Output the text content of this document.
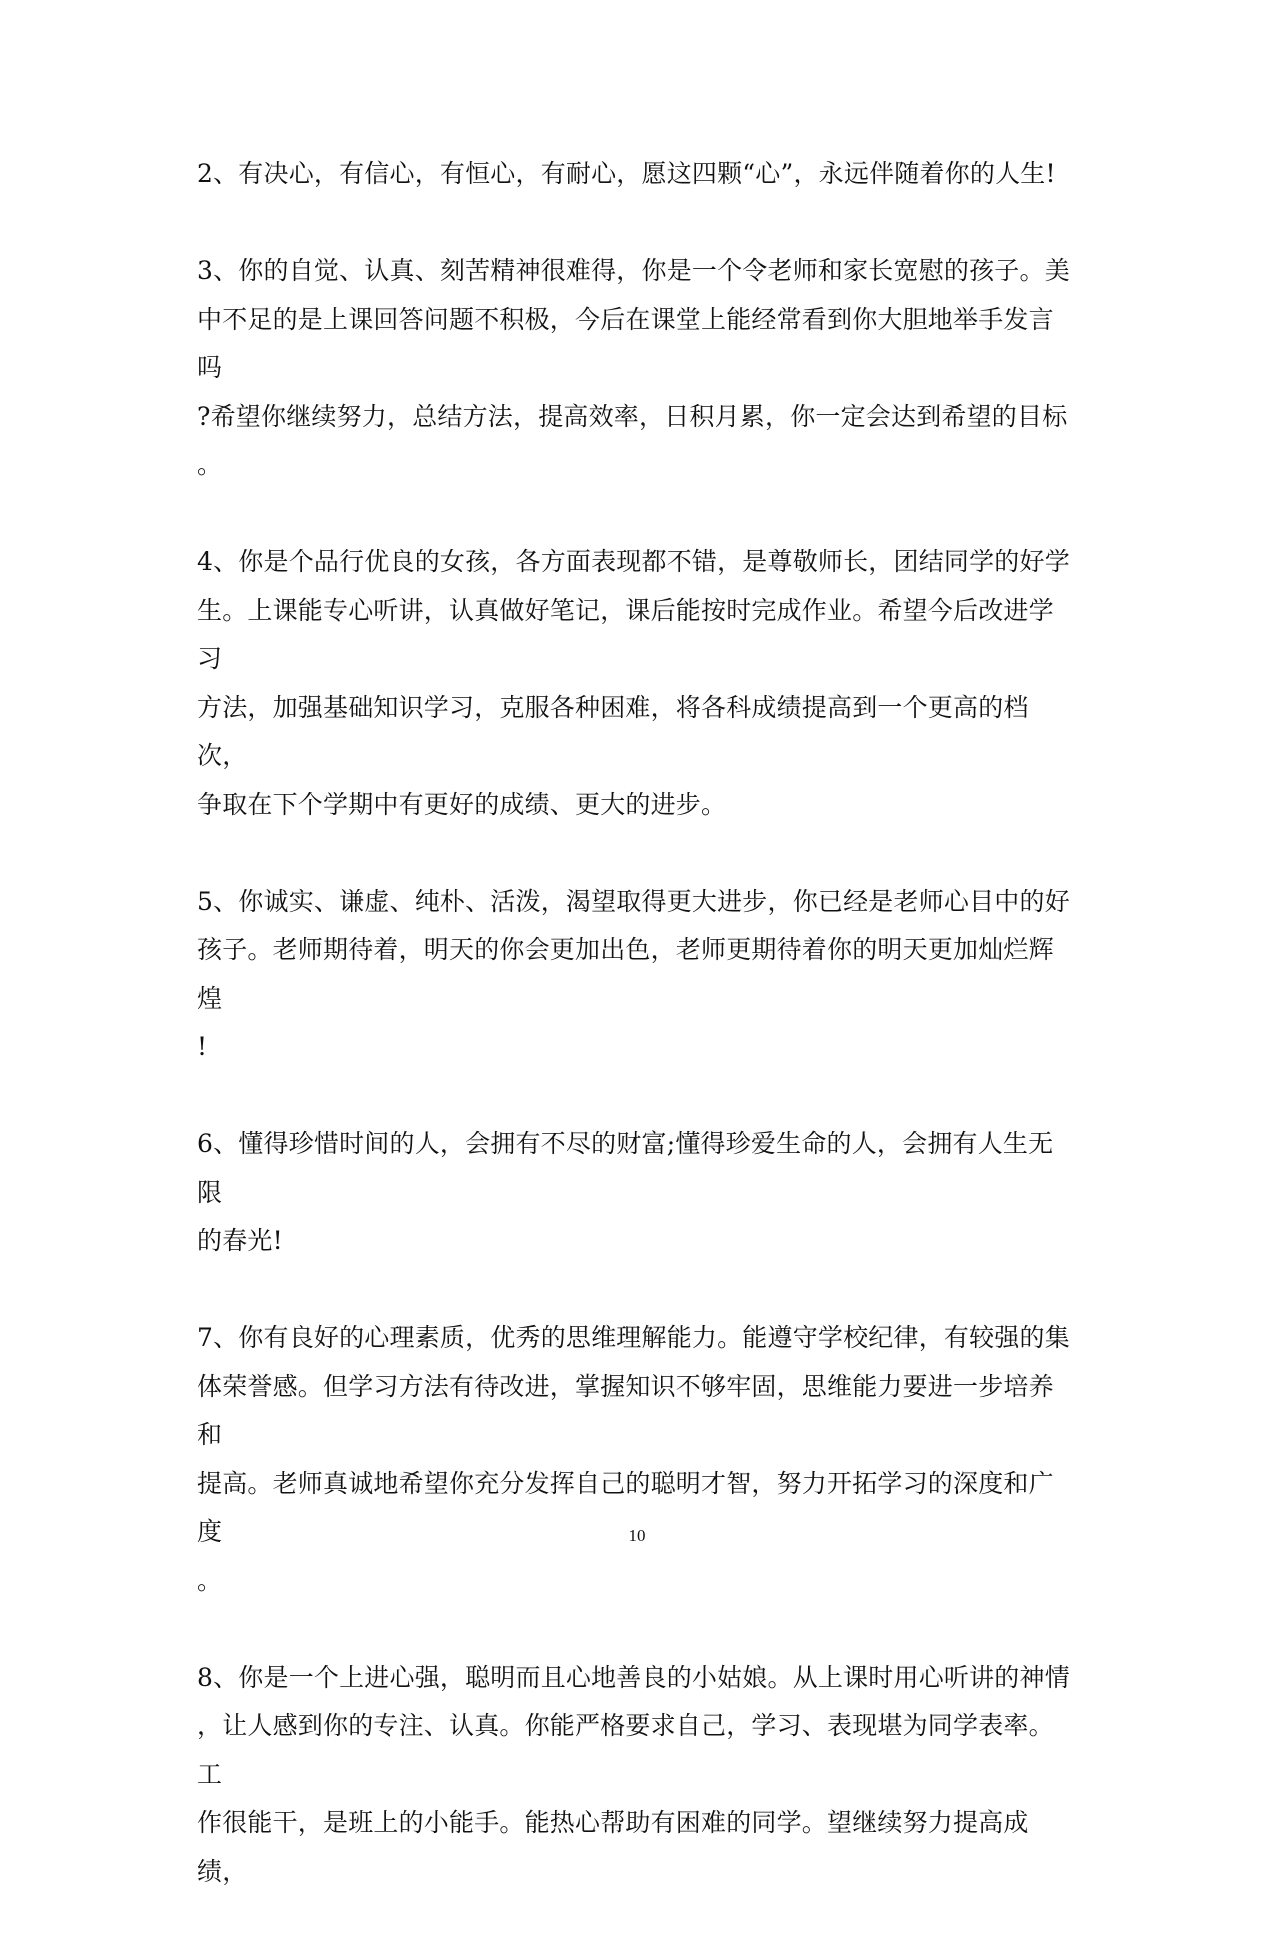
2、有决心，有信心，有恒心，有耐心，愿这四颗“心”，永远伴随着你的人生!

3、你的自觉、认真、刻苦精神很难得，你是一个令老师和家长宽慰的孩子。美
中不足的是上课回答问题不积极，今后在课堂上能经常看到你大胆地举手发言吗
?希望你继续努力，总结方法，提高效率，日积月累，你一定会达到希望的目标
。

4、你是个品行优良的女孩，各方面表现都不错，是尊敬师长，团结同学的好学
生。上课能专心听讲，认真做好笔记，课后能按时完成作业。希望今后改进学习
方法，加强基础知识学习，克服各种困难，将各科成绩提高到一个更高的档次，
争取在下个学期中有更好的成绩、更大的进步。

5、你诚实、谦虚、纯朴、活泼，渴望取得更大进步，你已经是老师心目中的好
孩子。老师期待着，明天的你会更加出色，老师更期待着你的明天更加灿烂辉煌
!

6、懂得珍惜时间的人，会拥有不尽的财富;懂得珍爱生命的人，会拥有人生无限
的春光!

7、你有良好的心理素质，优秀的思维理解能力。能遵守学校纪律，有较强的集
体荣誉感。但学习方法有待改进，掌握知识不够牢固，思维能力要进一步培养和
提高。老师真诚地希望你充分发挥自己的聪明才智，努力开拓学习的深度和广度
。

8、你是一个上进心强，聪明而且心地善良的小姑娘。从上课时用心听讲的神情
，让人感到你的专注、认真。你能严格要求自己，学习、表现堪为同学表率。工
作很能干，是班上的小能手。能热心帮助有困难的同学。望继续努力提高成绩，

10
